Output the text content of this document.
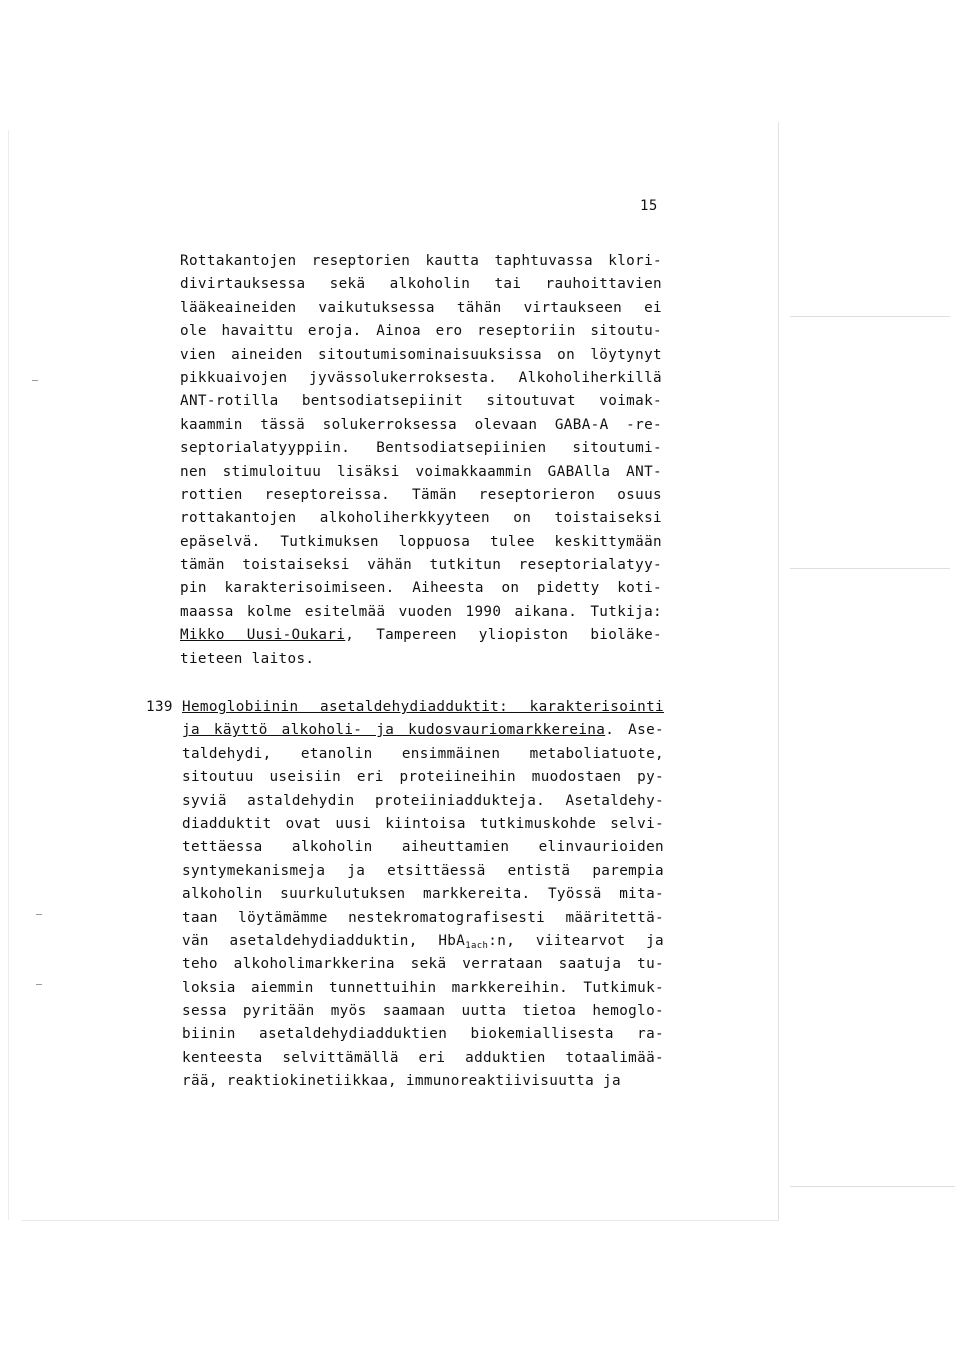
15
Rottakantojen reseptorien kautta taphtuvassa klori-
divirtauksessa sekä alkoholin tai rauhoittavien
lääkeaineiden vaikutuksessa tähän virtaukseen ei
ole havaittu eroja. Ainoa ero reseptoriin sitoutu-
vien aineiden sitoutumisominaisuuksissa on löytynyt
pikkuaivojen jyvässolukerroksesta. Alkoholiherkillä
ANT-rotilla bentsodiatsepiinit sitoutuvat voimak-
kaammin tässä solukerroksessa olevaan GABA-A -re-
septorialatyyppiin. Bentsodiatsepiinien sitoutumi-
nen stimuloituu lisäksi voimakkaammin GABAlla ANT-
rottien reseptoreissa. Tämän reseptorieron osuus
rottakantojen alkoholiherkkyyteen on toistaiseksi
epäselvä. Tutkimuksen loppuosa tulee keskittymään
tämän toistaiseksi vähän tutkitun reseptorialatyy-
pin karakterisoimiseen. Aiheesta on pidetty koti-
maassa kolme esitelmää vuoden 1990 aikana. Tutkija:
Mikko Uusi-Oukari, Tampereen yliopiston bioläke-
tieteen laitos.
139 Hemoglobiinin asetaldehydiadduktit: karakterisointi
ja käyttö alkoholi- ja kudosvauriomarkkereina. Ase-
taldehydi, etanolin ensimmäinen metaboliatuote,
sitoutuu useisiin eri proteiineihin muodostaen py-
syviä astaldehydin proteiiniadduktejа. Asetaldehy-
diadduktit ovat uusi kiintoisa tutkimuskohde selvi-
tettäessa alkoholin aiheuttamien elinvaurioiden
syntymekanismeja ja etsittäessä entistä parempia
alkoholin suurkulutuksen markkereita. Työssä mita-
taan löytämämme nestekromatografisesti määritettä-
vän asetaldehydiadduktin, HbA$_{1ach}$:n, viitearvot ja
teho alkoholimarkkerina sekä verrataan saatuja tu-
loksia aiemmin tunnettuihin markkereihin. Tutkimuk-
sessa pyritään myös saamaan uutta tietoa hemoglo-
biinin asetaldehydiadduktien biokemiallisesta ra-
kenteesta selvittämällä eri adduktien totaalimää-
rää, reaktiokinetiikkaa, immunoreaktiivisuutta ja
